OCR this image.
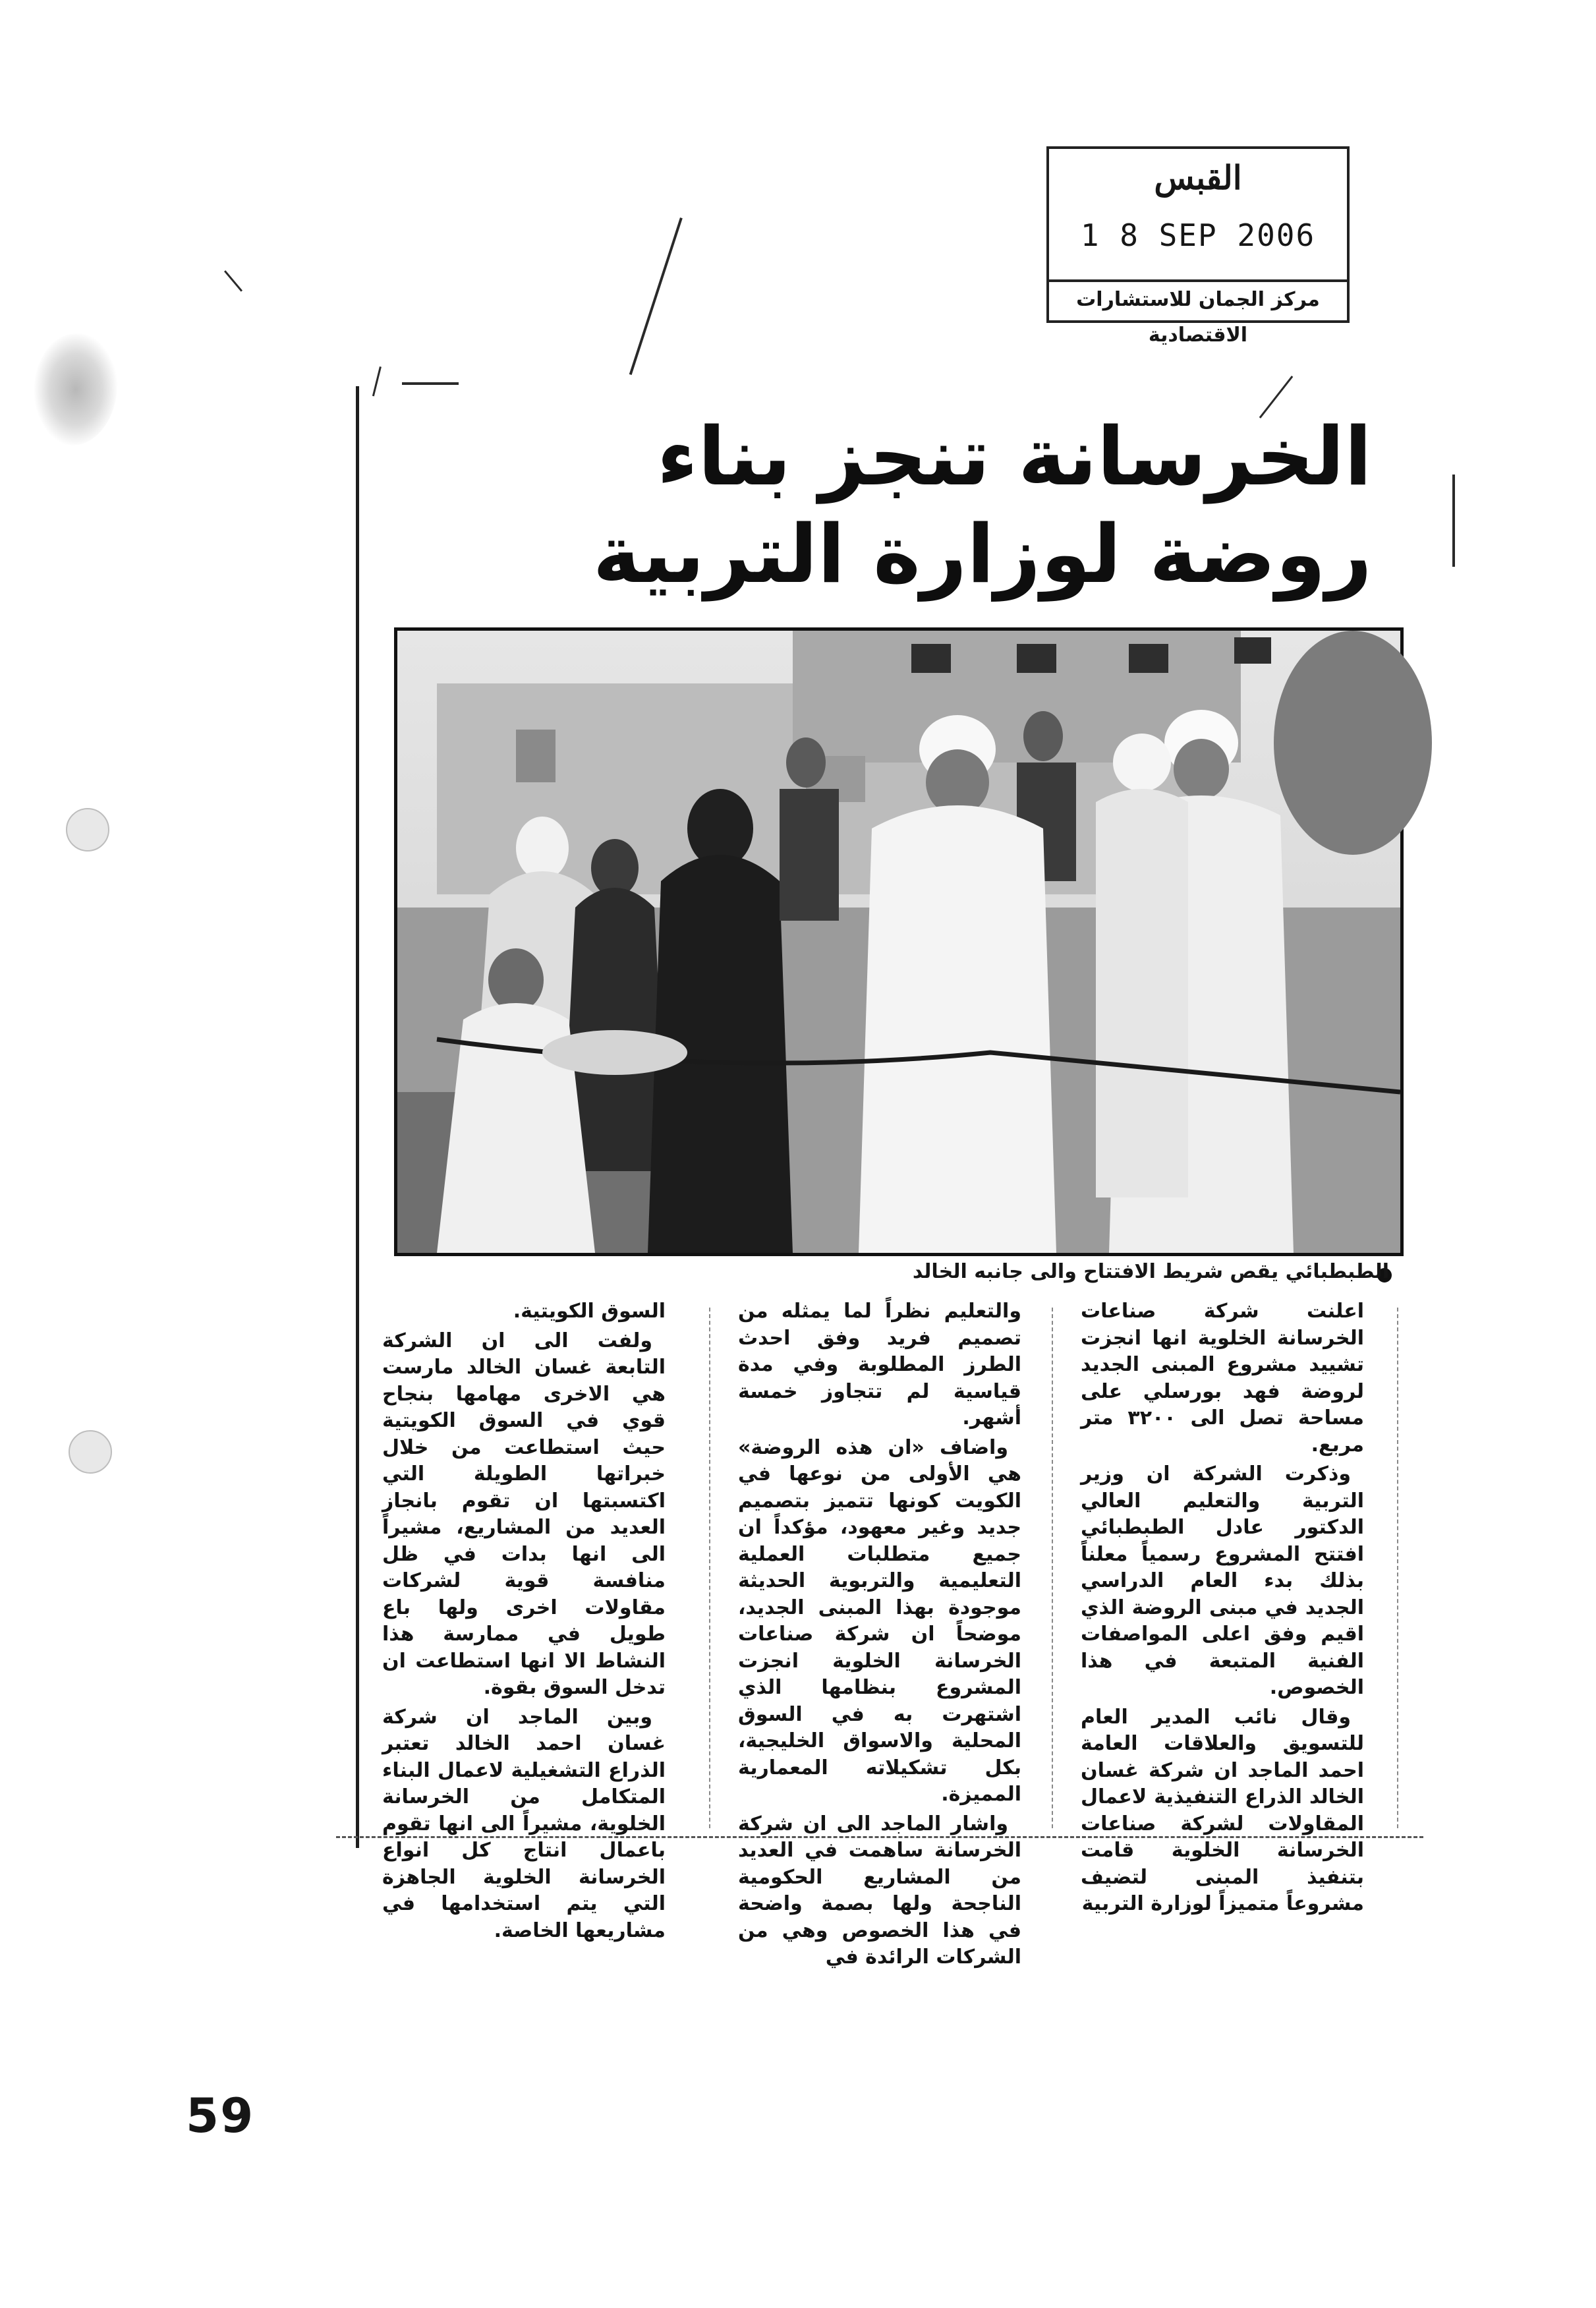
القبس
1 8 SEP 2006
مركز الجمان للاستشارات الاقتصادية
الخرسانة تنجز بناء
روضة لوزارة التربية
الطبطبائي يقص شريط الافتتاح والى جانبه الخالد

اعلنت شركة صناعات الخرسانة الخلوية انها انجزت تشييد مشروع المبنى الجديد لروضة فهد بورسلي على مساحة تصل الى ٣٢٠٠ متر مربع.

وذكرت الشركة ان وزير التربية والتعليم العالي الدكتور عادل الطبطبائي افتتح المشروع رسمياً معلناً بذلك بدء العام الدراسي الجديد في مبنى الروضة الذي اقيم وفق اعلى المواصفات الفنية المتبعة في هذا الخصوص.

وقال نائب المدير العام للتسويق والعلاقات العامة احمد الماجد ان شركة غسان الخالد الذراع التنفيذية لاعمال المقاولات لشركة صناعات الخرسانة الخلوية قامت بتنفيذ المبنى لتضيف مشروعاً متميزاً لوزارة التربية

والتعليم نظراً لما يمثله من تصميم فريد وفق احدث الطرز المطلوبة وفي مدة قياسية لم تتجاوز خمسة أشهر.

واضاف «ان هذه الروضة» هي الأولى من نوعها في الكويت كونها تتميز بتصميم جديد وغير معهود، مؤكداً ان جميع متطلبات العملية التعليمية والتربوية الحديثة موجودة بهذا المبنى الجديد، موضحاً ان شركة صناعات الخرسانة الخلوية انجزت المشروع بنظامها الذي اشتهرت به في السوق المحلية والاسواق الخليجية، بكل تشكيلاته المعمارية المميزة.

واشار الماجد الى ان شركة الخرسانة ساهمت في العديد من المشاريع الحكومية الناجحة ولها بصمة واضحة في هذا الخصوص وهي من الشركات الرائدة في

السوق الكويتية.

ولفت الى ان الشركة التابعة غسان الخالد مارست هي الاخرى مهامها بنجاح قوي في السوق الكويتية حيث استطاعت من خلال خبراتها الطويلة التي اكتسبتها ان تقوم بانجاز العديد من المشاريع، مشيراً الى انها بدات في ظل منافسة قوية لشركات مقاولات اخرى ولها باع طويل في ممارسة هذا النشاط الا انها استطاعت ان تدخل السوق بقوة.

وبين الماجد ان شركة غسان احمد الخالد تعتبر الذراع التشغيلية لاعمال البناء المتكامل من الخرسانة الخلوية، مشيراً الى انها تقوم باعمال انتاج كل انواع الخرسانة الخلوية الجاهزة التي يتم استخدامها في مشاريعها الخاصة.

59
